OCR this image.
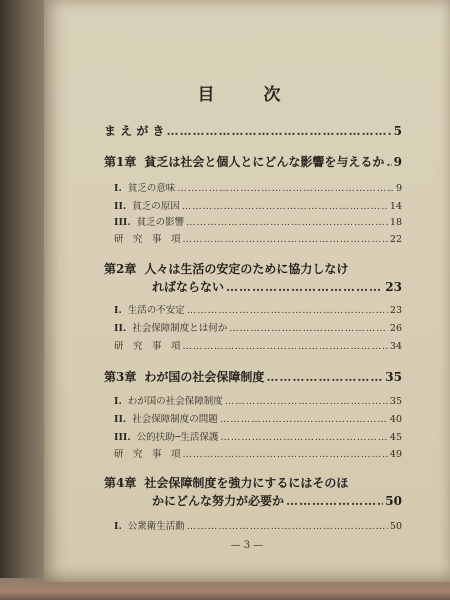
目　次
ま え が き ……………………………………………………………………………………………………………………	5
第1章 貧乏は社会と個人とにどんな影響を与えるか …………………………………………………………………………………………………………………… 9
I. 貧乏の意味 ……………………………………………………………………………………………………………………	9
II. 貧乏の原因 ……………………………………………………………………………………………………………………	14
III. 貧乏の影響 ……………………………………………………………………………………………………………………	18
研　究　事　項 ……………………………………………………………………………………………………………………	22
第2章 人々は生活の安定のために協力しなけ
ればならない ……………………………………………………………………………………………………………………	23
I. 生活の不安定 ……………………………………………………………………………………………………………………	23
II. 社会保障制度とは何か ……………………………………………………………………………………………………………………	26
研　究　事　項 ……………………………………………………………………………………………………………………	34
第3章 わが国の社会保障制度 ……………………………………………………………………………………………………………………	35
I. わが国の社会保障制度 ……………………………………………………………………………………………………………………	35
II. 社会保障制度の問題 ……………………………………………………………………………………………………………………	40
III. 公的扶助─生活保護 ……………………………………………………………………………………………………………………	45
研　究　事　項 ……………………………………………………………………………………………………………………	49
第4章 社会保障制度を強力にするにはそのほ
かにどんな努力が必要か ……………………………………………………………………………………………………………………	50
I. 公衆衛生活動 ……………………………………………………………………………………………………………………	50
— 3 —
